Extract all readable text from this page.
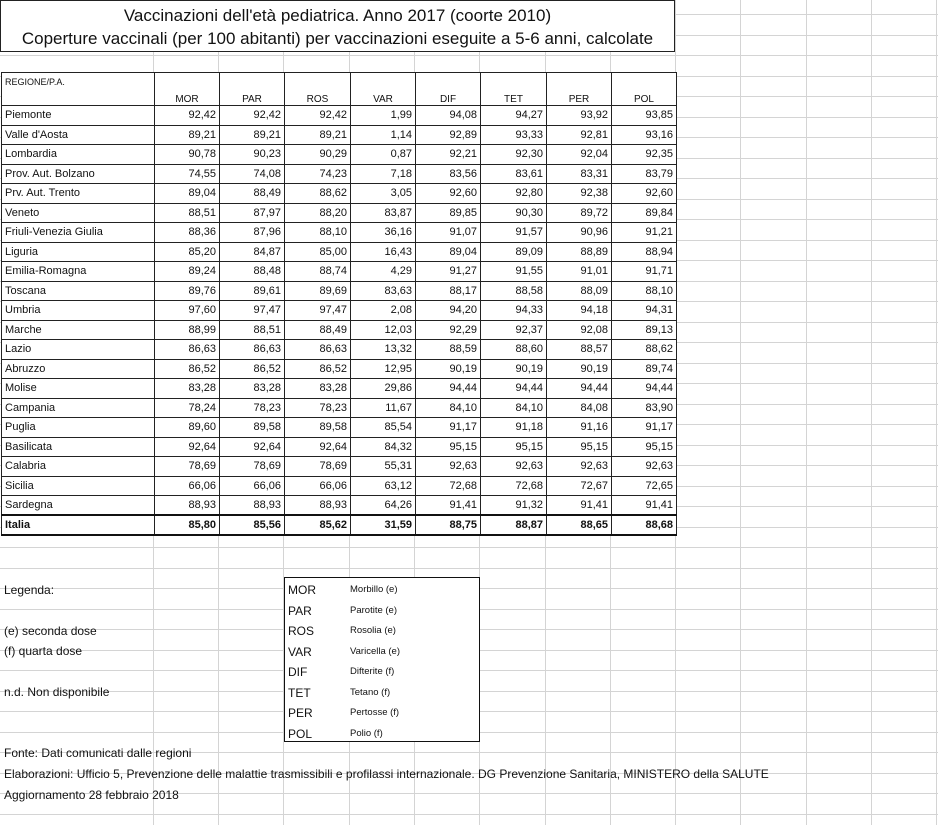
Vaccinazioni dell'età pediatrica. Anno 2017 (coorte 2010)
Coperture vaccinali (per 100 abitanti) per vaccinazioni eseguite a 5-6 anni, calcolate
REGIONE/P.A.	MOR	PAR	ROS	VAR	DIF	TET	PER	POL
Piemonte	92,42	92,42	92,42	1,99	94,08	94,27	93,92	93,85
Valle d'Aosta	89,21	89,21	89,21	1,14	92,89	93,33	92,81	93,16
Lombardia	90,78	90,23	90,29	0,87	92,21	92,30	92,04	92,35
Prov. Aut. Bolzano	74,55	74,08	74,23	7,18	83,56	83,61	83,31	83,79
Prv. Aut. Trento	89,04	88,49	88,62	3,05	92,60	92,80	92,38	92,60
Veneto	88,51	87,97	88,20	83,87	89,85	90,30	89,72	89,84
Friuli-Venezia Giulia	88,36	87,96	88,10	36,16	91,07	91,57	90,96	91,21
Liguria	85,20	84,87	85,00	16,43	89,04	89,09	88,89	88,94
Emilia-Romagna	89,24	88,48	88,74	4,29	91,27	91,55	91,01	91,71
Toscana	89,76	89,61	89,69	83,63	88,17	88,58	88,09	88,10
Umbria	97,60	97,47	97,47	2,08	94,20	94,33	94,18	94,31
Marche	88,99	88,51	88,49	12,03	92,29	92,37	92,08	89,13
Lazio	86,63	86,63	86,63	13,32	88,59	88,60	88,57	88,62
Abruzzo	86,52	86,52	86,52	12,95	90,19	90,19	90,19	89,74
Molise	83,28	83,28	83,28	29,86	94,44	94,44	94,44	94,44
Campania	78,24	78,23	78,23	11,67	84,10	84,10	84,08	83,90
Puglia	89,60	89,58	89,58	85,54	91,17	91,18	91,16	91,17
Basilicata	92,64	92,64	92,64	84,32	95,15	95,15	95,15	95,15
Calabria	78,69	78,69	78,69	55,31	92,63	92,63	92,63	92,63
Sicilia	66,06	66,06	66,06	63,12	72,68	72,68	72,67	72,65
Sardegna	88,93	88,93	88,93	64,26	91,41	91,32	91,41	91,41
Italia	85,80	85,56	85,62	31,59	88,75	88,87	88,65	88,68
Legenda:
(e) seconda dose
(f) quarta dose
n.d. Non disponibile
MOR	Morbillo (e)
PAR	Parotite (e)
ROS	Rosolia (e)
VAR	Varicella (e)
DIF	Difterite (f)
TET	Tetano (f)
PER	Pertosse (f)
POL	Polio (f)
Fonte: Dati comunicati dalle regioni
Elaborazioni: Ufficio 5, Prevenzione delle malattie trasmissibili e profilassi internazionale. DG Prevenzione Sanitaria, MINISTERO della SALUTE
Aggiornamento 28 febbraio 2018
